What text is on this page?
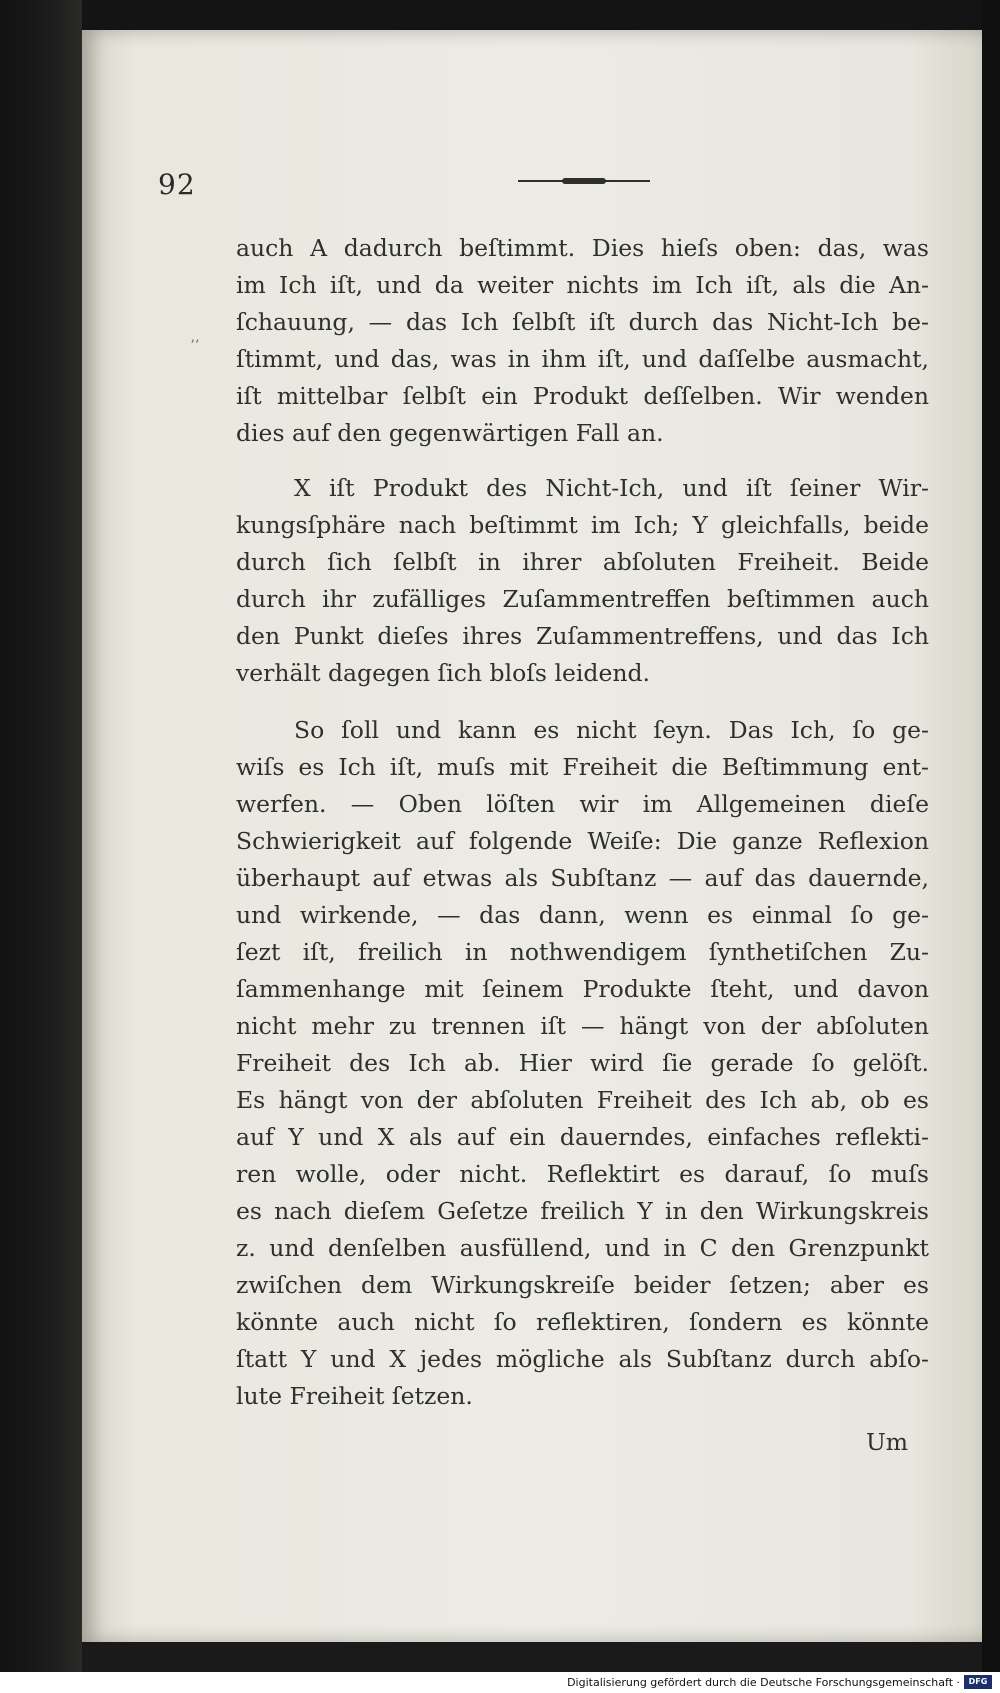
92
ʼʼ
auch A dadurch beſtimmt. Dies hieſs oben: das, was
im Ich iſt, und da weiter nichts im Ich iſt, als die An-
ſchauung, — das Ich ſelbſt iſt durch das Nicht-Ich be-
ſtimmt, und das, was in ihm iſt, und daſſelbe ausmacht,
iſt mittelbar ſelbſt ein Produkt deſſelben. Wir wenden
dies auf den gegenwärtigen Fall an.
X iſt Produkt des Nicht-Ich, und iſt ſeiner Wir-
kungsſphäre nach beſtimmt im Ich; Y gleichfalls, beide
durch ſich ſelbſt in ihrer abſoluten Freiheit. Beide
durch ihr zufälliges Zuſammentreffen beſtimmen auch
den Punkt dieſes ihres Zuſammentreffens, und das Ich
verhält dagegen ſich bloſs leidend.
So ſoll und kann es nicht ſeyn. Das Ich, ſo ge-
wiſs es Ich iſt, muſs mit Freiheit die Beſtimmung ent-
werfen. — Oben löſten wir im Allgemeinen dieſe
Schwierigkeit auf folgende Weiſe: Die ganze Reflexion
überhaupt auf etwas als Subſtanz — auf das dauernde,
und wirkende, — das dann, wenn es einmal ſo ge-
ſezt iſt, freilich in nothwendigem ſynthetiſchen Zu-
ſammenhange mit ſeinem Produkte ſteht, und davon
nicht mehr zu trennen iſt — hängt von der abſoluten
Freiheit des Ich ab. Hier wird ſie gerade ſo gelöſt.
Es hängt von der abſoluten Freiheit des Ich ab, ob es
auf Y und X als auf ein dauerndes, einfaches reflekti-
ren wolle, oder nicht. Reflektirt es darauf, ſo muſs
es nach dieſem Geſetze freilich Y in den Wirkungskreis
z. und denſelben ausfüllend, und in C den Grenzpunkt
zwiſchen dem Wirkungskreiſe beider ſetzen; aber es
könnte auch nicht ſo reflektiren, ſondern es könnte
ſtatt Y und X jedes mögliche als Subſtanz durch abſo-
lute Freiheit ſetzen.
Um
Digitalisierung gefördert durch die Deutsche Forschungsgemeinschaft ·	DFG
